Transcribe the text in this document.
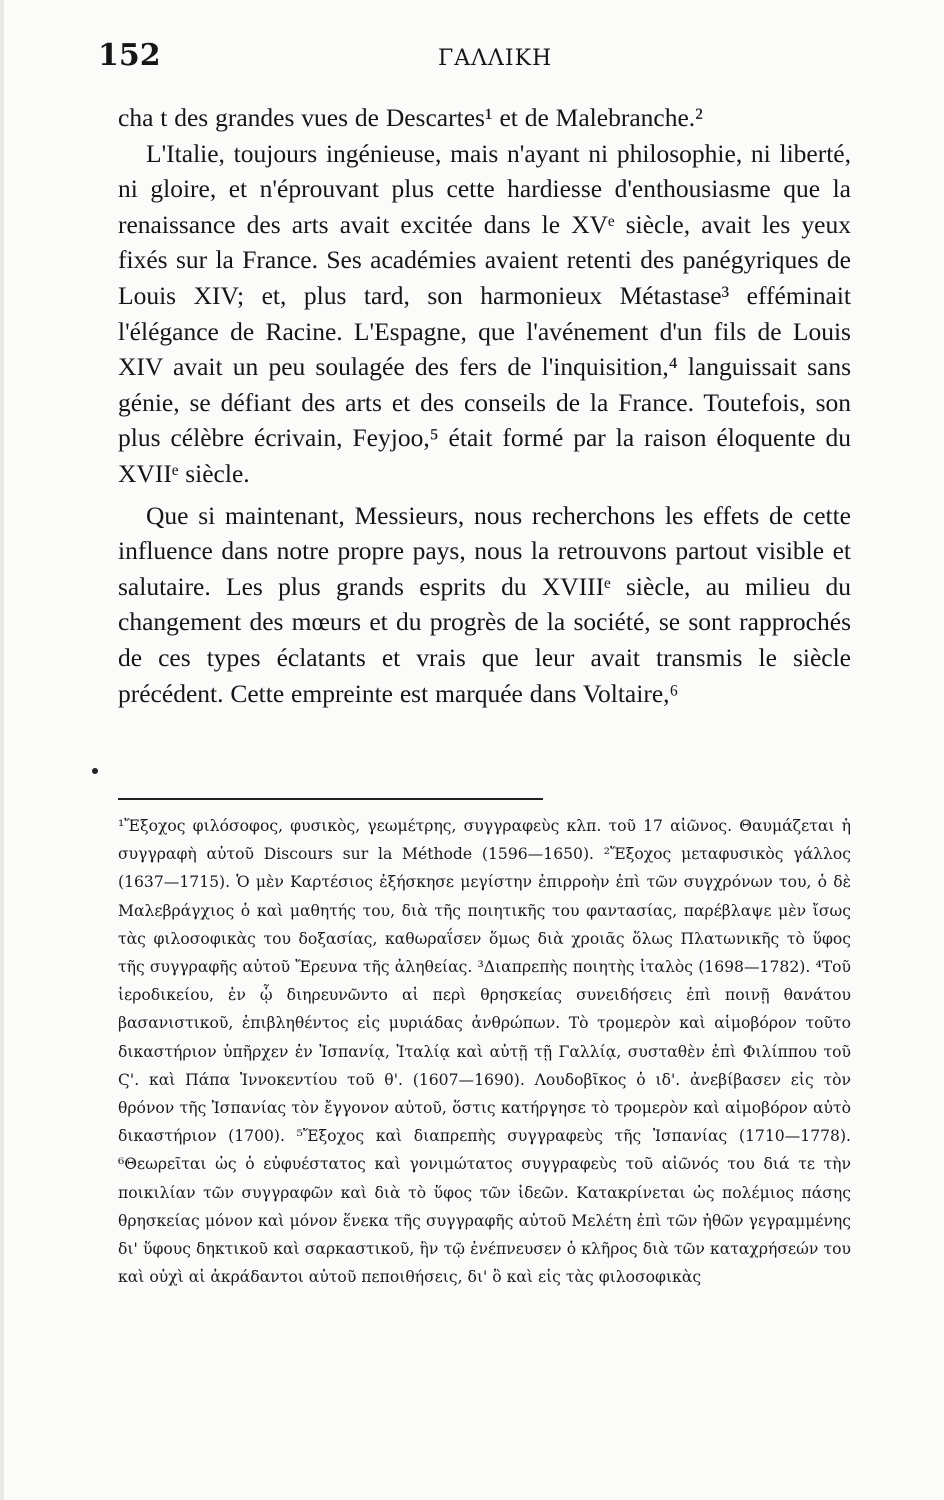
152	ΓΑΛΛΙΚΗ

cha t des grandes vues de Descartes¹ et de Malebranche.²

L'Italie, toujours ingénieuse, mais n'ayant ni philosophie, ni liberté, ni gloire, et n'éprouvant plus cette hardiesse d'enthousiasme que la renaissance des arts avait excitée dans le XVᵉ siècle, avait les yeux fixés sur la France. Ses académies avaient retenti des panégyriques de Louis XIV; et, plus tard, son harmonieux Métastase³ efféminait l'élégance de Racine. L'Espagne, que l'avénement d'un fils de Louis XIV avait un peu soulagée des fers de l'inquisition,⁴ languissait sans génie, se défiant des arts et des conseils de la France. Toutefois, son plus célèbre écrivain, Feyjoo,⁵ était formé par la raison éloquente du XVIIᵉ siècle.

Que si maintenant, Messieurs, nous recherchons les effets de cette influence dans notre propre pays, nous la retrouvons partout visible et salutaire. Les plus grands esprits du XVIIIᵉ siècle, au milieu du changement des mœurs et du progrès de la société, se sont rapprochés de ces types éclatants et vrais que leur avait transmis le siècle précédent. Cette empreinte est marquée dans Voltaire,⁶

¹Ἔξοχος φιλόσοφος, φυσικὸς, γεωμέτρης, συγγραφεὺς κλπ. τοῦ 17 αἰῶνος. Θαυμάζεται ἡ συγγραφὴ αὐτοῦ Discours sur la Méthode (1596—1650). ²Ἔξοχος μεταφυσικὸς γάλλος (1637—1715). Ὁ μὲν Καρτέσιος ἐξήσκησε μεγίστην ἐπιρροὴν ἐπὶ τῶν συγχρόνων του, ὁ δὲ Μαλεβράγχιος ὁ καὶ μαθητής του, διὰ τῆς ποιητικῆς του φαντασίας, παρέβλαψε μὲν ἴσως τὰς φιλοσοφικὰς του δοξασίας, καθωραΐσεν ὅμως διὰ χροιᾶς ὅλως Πλατωνικῆς τὸ ὕφος τῆς συγγραφῆς αὐτοῦ Ἔρευνα τῆς ἀληθείας. ³Διαπρεπὴς ποιητὴς ἰταλὸς (1698—1782). ⁴Τοῦ ἱεροδικείου, ἐν ᾧ διηρευνῶντο αἱ περὶ θρησκείας συνειδήσεις ἐπὶ ποινῇ θανάτου βασανιστικοῦ, ἐπιβληθέντος εἰς μυριάδας ἀνθρώπων. Τὸ τρομερὸν καὶ αἱμοβόρον τοῦτο δικαστήριον ὑπῆρχεν ἐν Ἰσπανίᾳ, Ἰταλίᾳ καὶ αὐτῇ τῇ Γαλλίᾳ, συσταθὲν ἐπὶ Φιλίππου τοῦ Ϛ'. καὶ Πάπα Ἰννοκεντίου τοῦ θ'. (1607—1690). Λουδοβῖκος ὁ ιδ'. ἀνεβίβασεν εἰς τὸν θρόνον τῆς Ἰσπανίας τὸν ἔγγονον αὐτοῦ, ὅστις κατήργησε τὸ τρομερὸν καὶ αἱμοβόρον αὐτὸ δικαστήριον (1700). ⁵Ἔξοχος καὶ διαπρεπὴς συγγραφεὺς τῆς Ἰσπανίας (1710—1778). ⁶Θεωρεῖται ὡς ὁ εὐφυέστατος καὶ γονιμώτατος συγγραφεὺς τοῦ αἰῶνός του διά τε τὴν ποικιλίαν τῶν συγγραφῶν καὶ διὰ τὸ ὕφος τῶν ἰδεῶν. Κατακρίνεται ὡς πολέμιος πάσης θρησκείας μόνον καὶ μόνον ἕνεκα τῆς συγγραφῆς αὐτοῦ Μελέτη ἐπὶ τῶν ἠθῶν γεγραμμένης δι' ὕφους δηκτικοῦ καὶ σαρκαστικοῦ, ἣν τῷ ἐνέπνευσεν ὁ κλῆρος διὰ τῶν καταχρήσεών του καὶ οὐχὶ αἱ ἀκράδαντοι αὐτοῦ πεποιθήσεις, δι' ὃ καὶ εἰς τὰς φιλοσοφικὰς
